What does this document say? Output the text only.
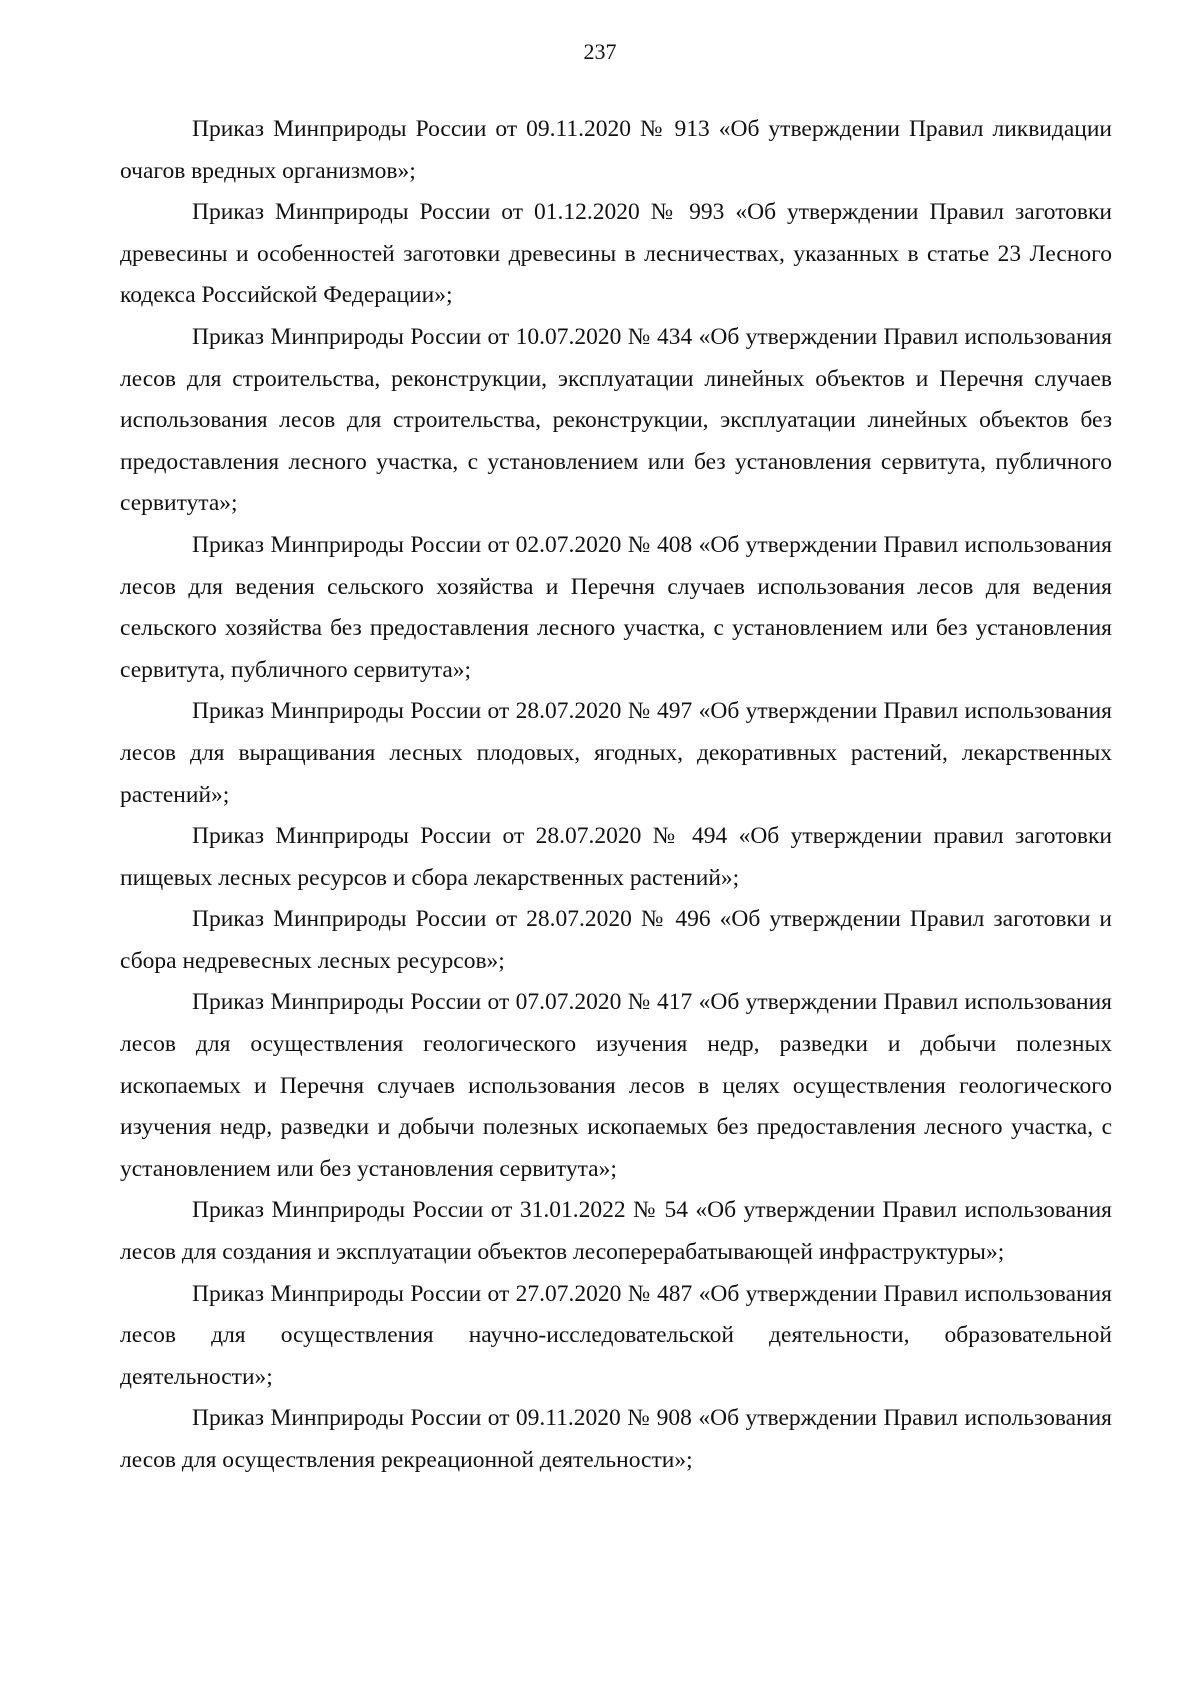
237

Приказ Минприроды России от 09.11.2020 № 913 «Об утверждении Правил ликвидации очагов вредных организмов»;

Приказ Минприроды России от 01.12.2020 № 993 «Об утверждении Правил заготовки древесины и особенностей заготовки древесины в лесничествах, указанных в статье 23 Лесного кодекса Российской Федерации»;

Приказ Минприроды России от 10.07.2020 № 434 «Об утверждении Правил использования лесов для строительства, реконструкции, эксплуатации линейных объектов и Перечня случаев использования лесов для строительства, реконструкции, эксплуатации линейных объектов без предоставления лесного участка, с установлением или без установления сервитута, публичного сервитута»;

Приказ Минприроды России от 02.07.2020 № 408 «Об утверждении Правил использования лесов для ведения сельского хозяйства и Перечня случаев использования лесов для ведения сельского хозяйства без предоставления лесного участка, с установлением или без установления сервитута, публичного сервитута»;

Приказ Минприроды России от 28.07.2020 № 497 «Об утверждении Правил использования лесов для выращивания лесных плодовых, ягодных, декоративных растений, лекарственных растений»;

Приказ Минприроды России от 28.07.2020 № 494 «Об утверждении правил заготовки пищевых лесных ресурсов и сбора лекарственных растений»;

Приказ Минприроды России от 28.07.2020 № 496 «Об утверждении Правил заготовки и сбора недревесных лесных ресурсов»;

Приказ Минприроды России от 07.07.2020 № 417 «Об утверждении Правил использования лесов для осуществления геологического изучения недр, разведки и добычи полезных ископаемых и Перечня случаев использования лесов в целях осуществления геологического изучения недр, разведки и добычи полезных ископаемых без предоставления лесного участка, с установлением или без установления сервитута»;

Приказ Минприроды России от 31.01.2022 № 54 «Об утверждении Правил использования лесов для создания и эксплуатации объектов лесоперерабатывающей инфраструктуры»;

Приказ Минприроды России от 27.07.2020 № 487 «Об утверждении Правил использования лесов для осуществления научно-исследовательской деятельности, образовательной деятельности»;

Приказ Минприроды России от 09.11.2020 № 908 «Об утверждении Правил использования лесов для осуществления рекреационной деятельности»;
